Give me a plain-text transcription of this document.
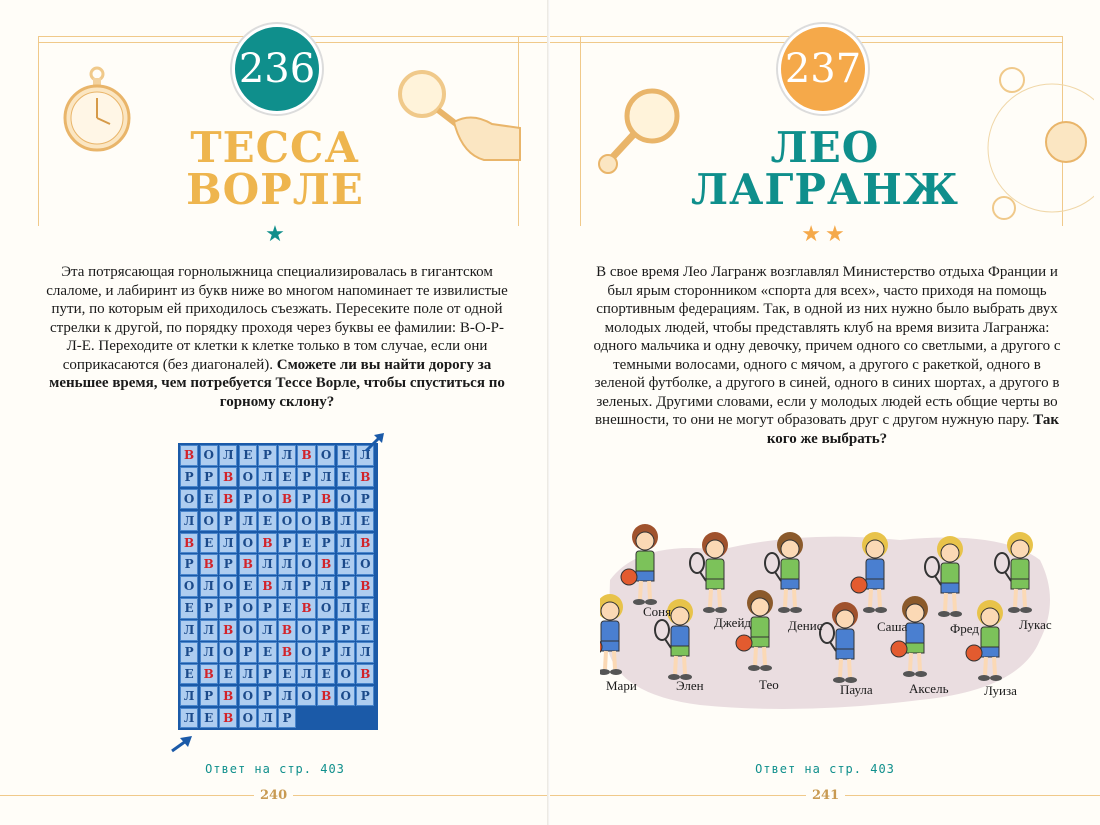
236
ТЕССА
ВОРЛЕ
★
Эта потрясающая горнолыжница специализировалась в гигантском слаломе, и лабиринт из букв ниже во многом напоминает те извилистые пути, по которым ей приходилось съезжать. Пересеките поле от одной стрелки к другой, по порядку проходя через буквы ее фамилии: В-О-Р-Л-Е. Переходите от клетки к клетке только в том случае, если они соприкасаются (без диагоналей). Сможете ли вы найти дорогу за меньшее время, чем потребуется Тессе Ворле, чтобы спуститься по горному склону?
В О Л Е Р Л В О Е Л
Р Р В О Л Е Р Л Е В
О Е В Р О В Р В О Р
Л О Р Л Е О О В Л Е
В Е Л О В Р Е Р Л В
Р В Р В Л Л О В Е О
О Л О Е В Л Р Л Р В
Е Р Р О Р Е В О Л Е
Л Л В О Л В О Р Р Е
Р Л О Р Е В О Р Л Л
Е В Е Л Р Е Л Е О В
Л Р В О Р Л О В О Р
Л Е В О Л Р
Ответ на стр. 403
240
237
ЛЕО
ЛАГРАНЖ
★★
В свое время Лео Лагранж возглавлял Министерство отдыха Франции и был ярым сторонником «спорта для всех», часто приходя на помощь спортивным федерациям. Так, в одной из них нужно было выбрать двух молодых людей, чтобы представлять клуб на время визита Лагранжа: одного мальчика и одну девочку, причем одного со светлыми, а другого с темными волосами, одного с мячом, а другого с ракеткой, одного в зеленой футболке, а другого в синей, одного в синих шортах, а другого в зеленых. Другими словами, если у молодых людей есть общие черты во внешности, то они не могут образовать друг с другом нужную пару. Так кого же выбрать?
Соня
Джейд	Денис	Саша	Фред	Лукас
Мари	Элен	Тео	Паула	Аксель	Луиза
Ответ на стр. 403
241
